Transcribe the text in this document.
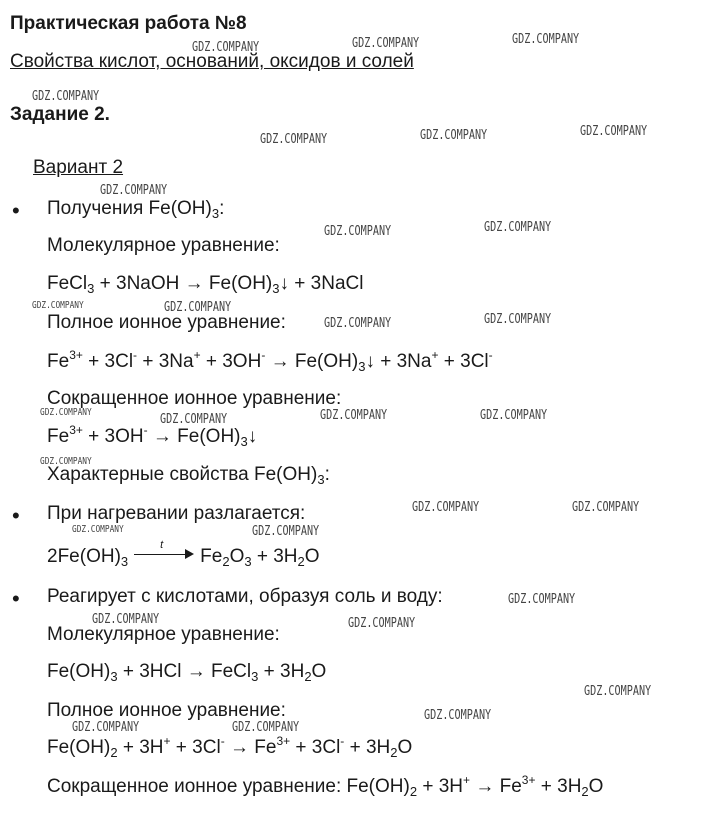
Практическая работа №8
Свойства кислот, оснований, оксидов и солей
Задание 2.
Вариант 2
• Получения $Fe(OH)_3$:
Молекулярное уравнение:
FeCl$_3$ + 3NaOH → $Fe(OH)_3↓$ + 3NaCl
Полное ионное уравнение:
$Fe^{3+} + 3Cl^- + 3Na^+ + 3OH^-$ → $Fe(OH)_3↓ + 3Na^+ + 3Cl^-$
Сокращенное ионное уравнение:
$Fe^{3+} + 3OH^-$ → $Fe(OH)_3↓$
Характерные свойства $Fe(OH)_3$:
• При нагревании разлагается:
$2Fe(OH)_3$
t
$Fe_2O_3 + 3H_2O$
• Реагирует с кислотами, образуя соль и воду:
Молекулярное уравнение:
$Fe(OH)_3 + 3HCl$ → FeCl$_3$ + $3H_2O$
Полное ионное уравнение:
$Fe(OH)_2 + 3H^+ + 3Cl^- \to Fe^{3+} + 3Cl^- + 3H_2O$
Сокращенное ионное уравнение: $Fe(OH)_2 + 3H^+ \to Fe^{3+} + 3H_2O$
GDZ.COMPANY	GDZ.COMPANY	GDZ.COMPANY
GDZ.COMPANY
GDZ.COMPANY	GDZ.COMPANY	GDZ.COMPANY
GDZ.COMPANY
GDZ.COMPANY	GDZ.COMPANY
GDZ.COMPANY	GDZ.COMPANY
GDZ.COMPANY	GDZ.COMPANY
GDZ.COMPANY	GDZ.COMPANY	GDZ.COMPANY	GDZ.COMPANY
GDZ.COMPANY
GDZ.COMPANY	GDZ.COMPANY
GDZ.COMPANY	GDZ.COMPANY
GDZ.COMPANY
GDZ.COMPANY	GDZ.COMPANY
GDZ.COMPANY
GDZ.COMPANY
GDZ.COMPANY	GDZ.COMPANY
